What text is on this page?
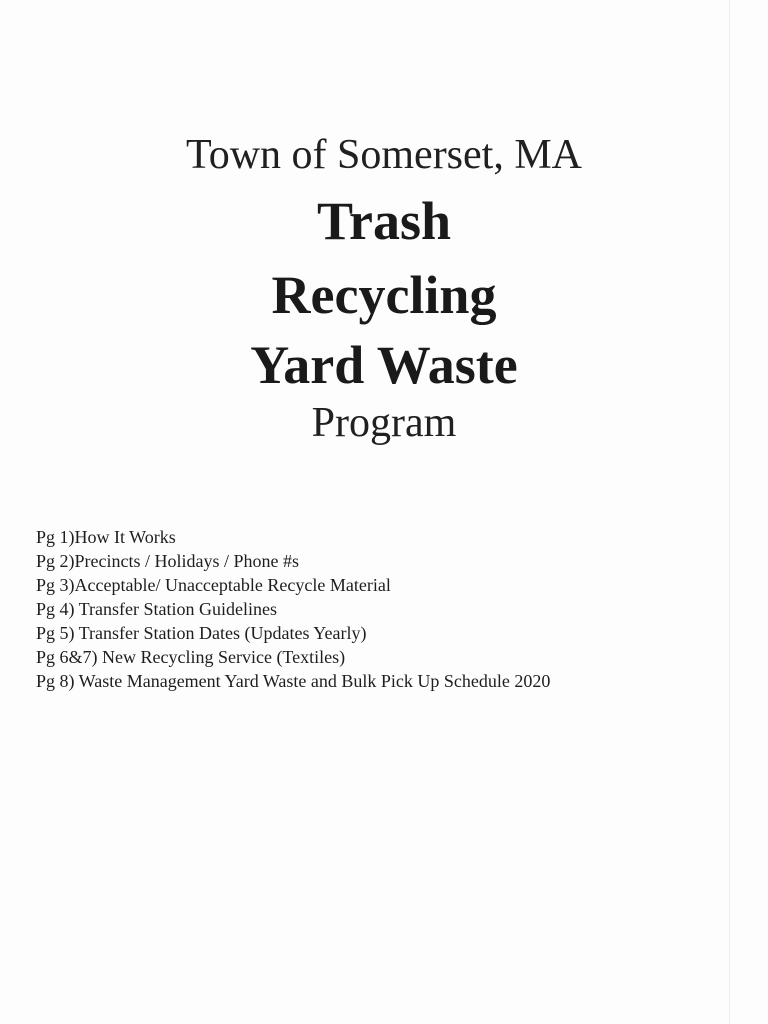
Town of Somerset, MA
Trash
Recycling
Yard Waste
Program
Pg 1)How It Works
Pg 2)Precincts / Holidays / Phone #s
Pg 3)Acceptable/ Unacceptable Recycle Material
Pg 4) Transfer Station Guidelines
Pg 5) Transfer Station Dates (Updates Yearly)
Pg 6&7) New Recycling Service (Textiles)
Pg 8) Waste Management Yard Waste and Bulk Pick Up Schedule 2020
